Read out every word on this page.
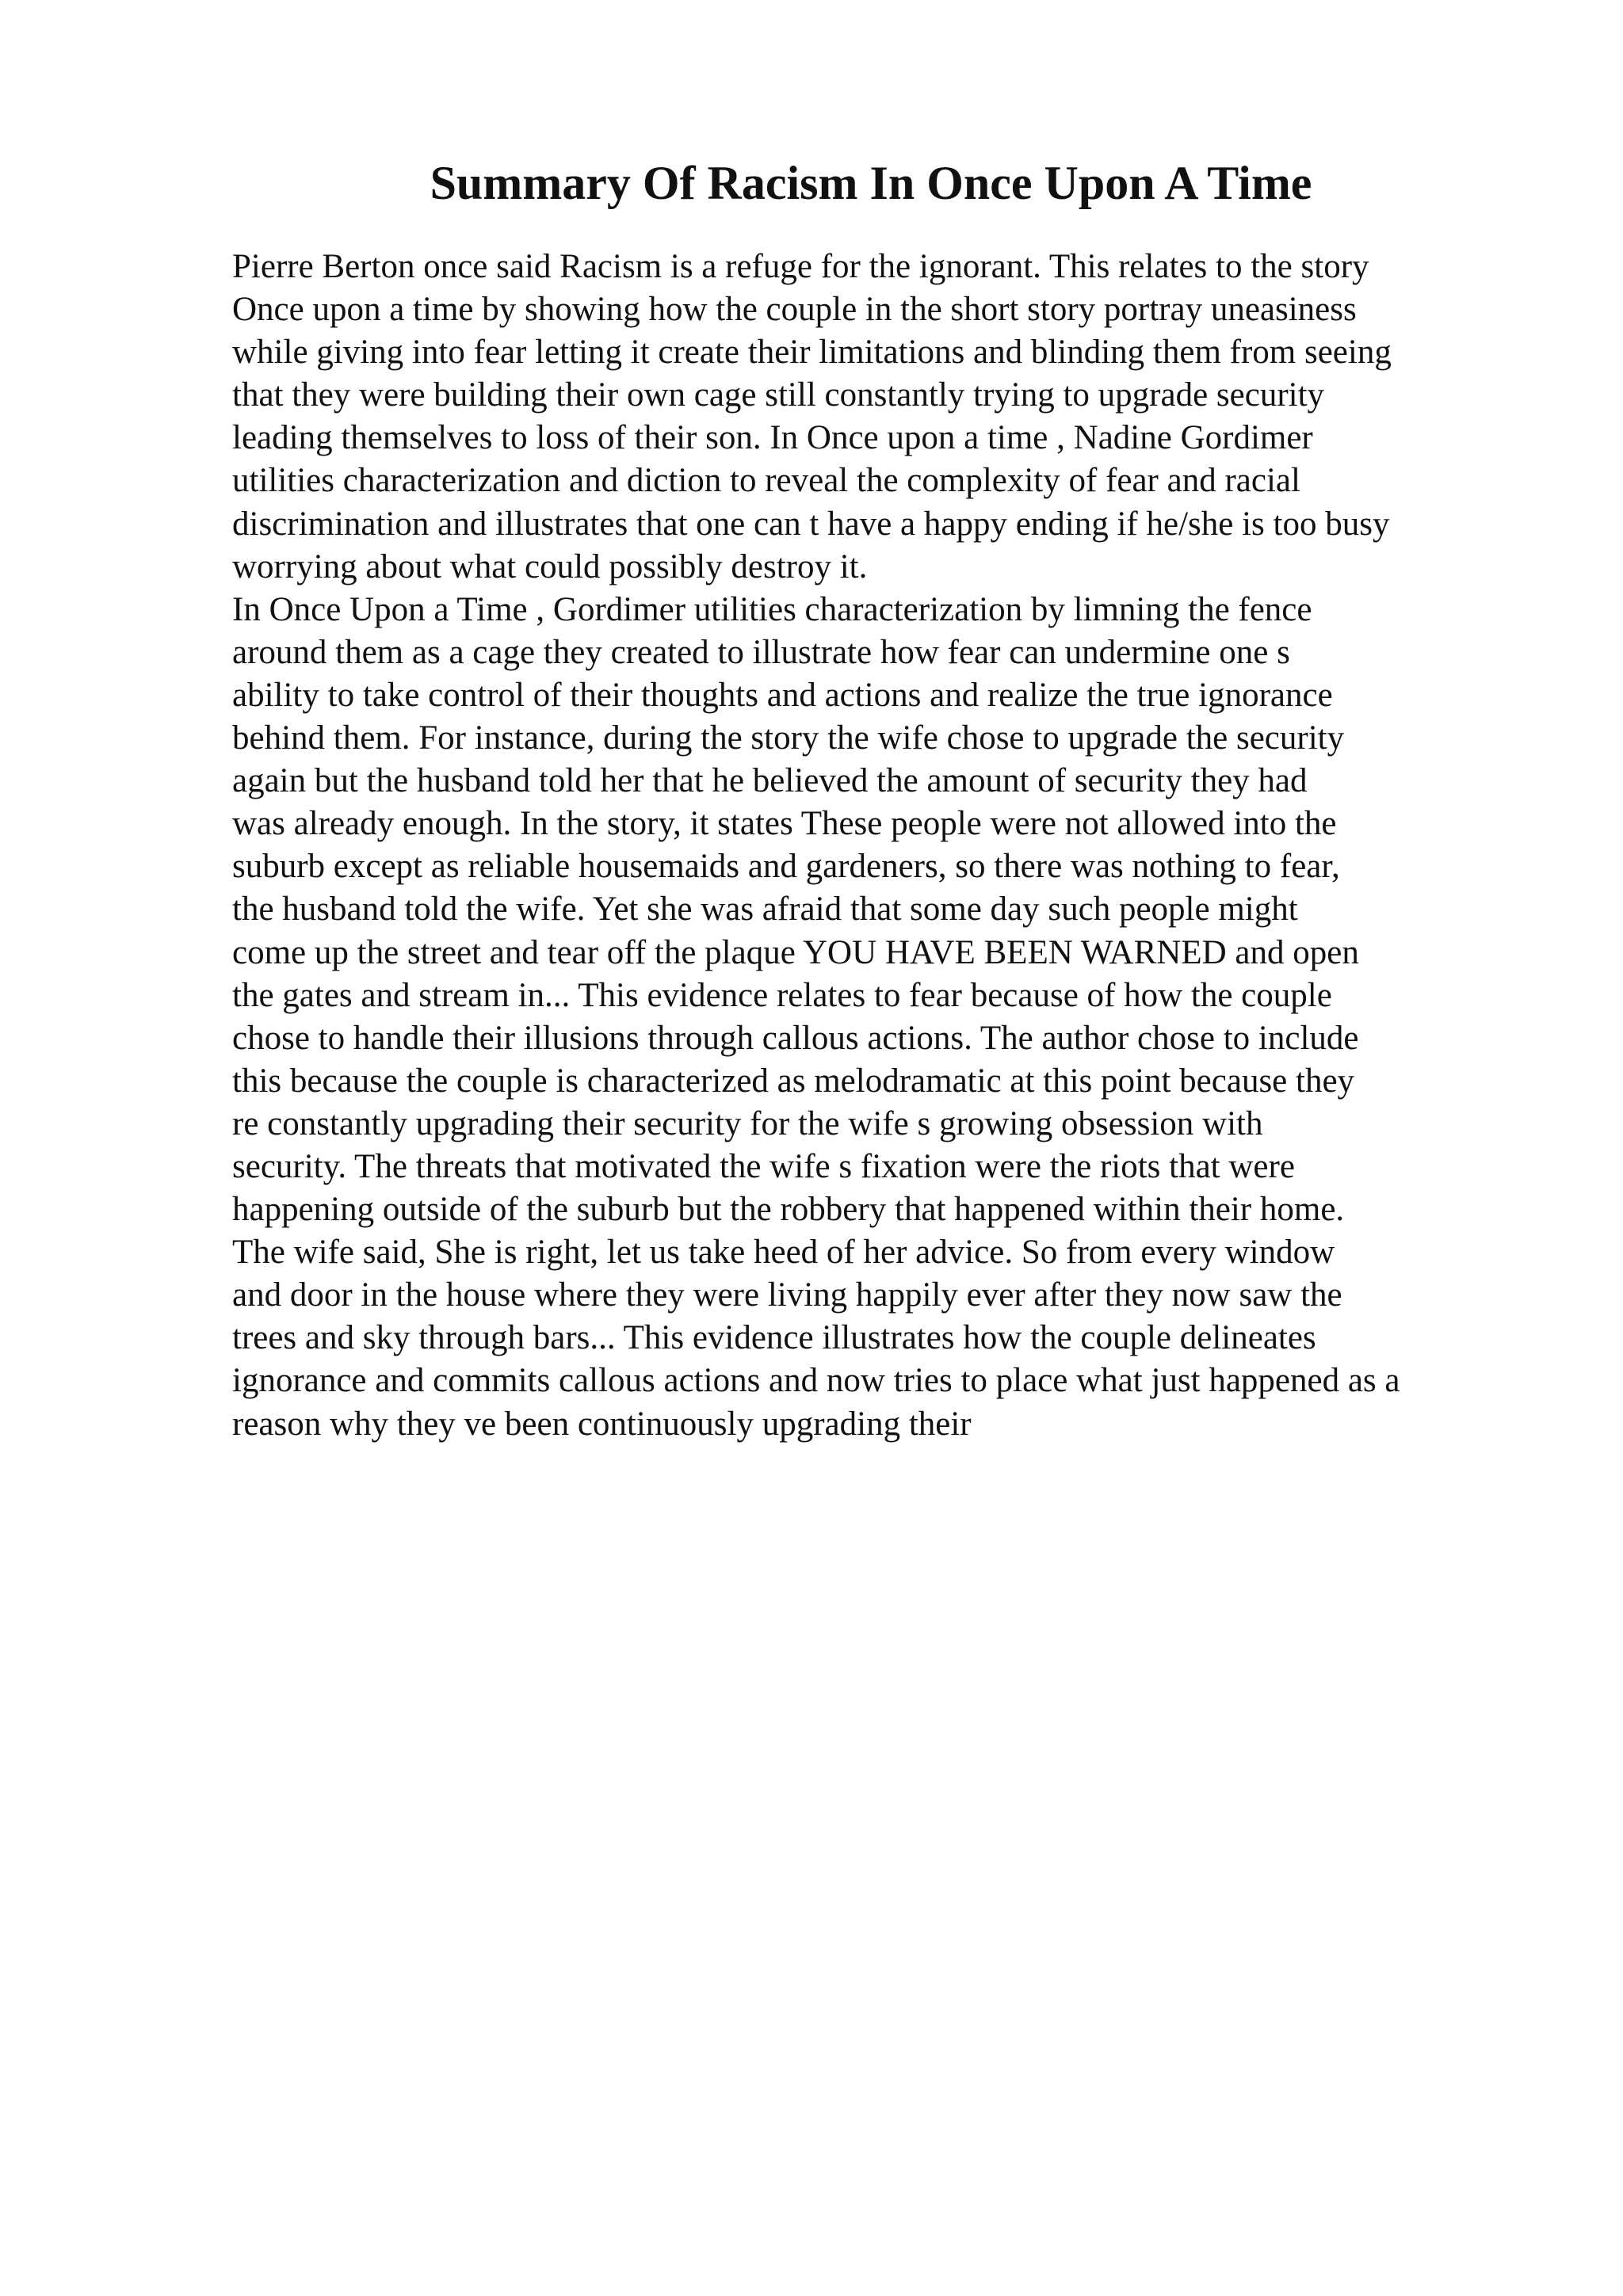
Summary Of Racism In Once Upon A Time
Pierre Berton once said Racism is a refuge for the ignorant. This relates to the story
Once upon a time by showing how the couple in the short story portray uneasiness
while giving into fear letting it create their limitations and blinding them from seeing
that they were building their own cage still constantly trying to upgrade security
leading themselves to loss of their son. In Once upon a time , Nadine Gordimer
utilities characterization and diction to reveal the complexity of fear and racial
discrimination and illustrates that one can t have a happy ending if he/she is too busy
worrying about what could possibly destroy it.
In Once Upon a Time , Gordimer utilities characterization by limning the fence
around them as a cage they created to illustrate how fear can undermine one s
ability to take control of their thoughts and actions and realize the true ignorance
behind them. For instance, during the story the wife chose to upgrade the security
again but the husband told her that he believed the amount of security they had
was already enough. In the story, it states These people were not allowed into the
suburb except as reliable housemaids and gardeners, so there was nothing to fear,
the husband told the wife. Yet she was afraid that some day such people might
come up the street and tear off the plaque YOU HAVE BEEN WARNED and open
the gates and stream in... This evidence relates to fear because of how the couple
chose to handle their illusions through callous actions. The author chose to include
this because the couple is characterized as melodramatic at this point because they
re constantly upgrading their security for the wife s growing obsession with
security. The threats that motivated the wife s fixation were the riots that were
happening outside of the suburb but the robbery that happened within their home.
The wife said, She is right, let us take heed of her advice. So from every window
and door in the house where they were living happily ever after they now saw the
trees and sky through bars... This evidence illustrates how the couple delineates
ignorance and commits callous actions and now tries to place what just happened as a
reason why they ve been continuously upgrading their
